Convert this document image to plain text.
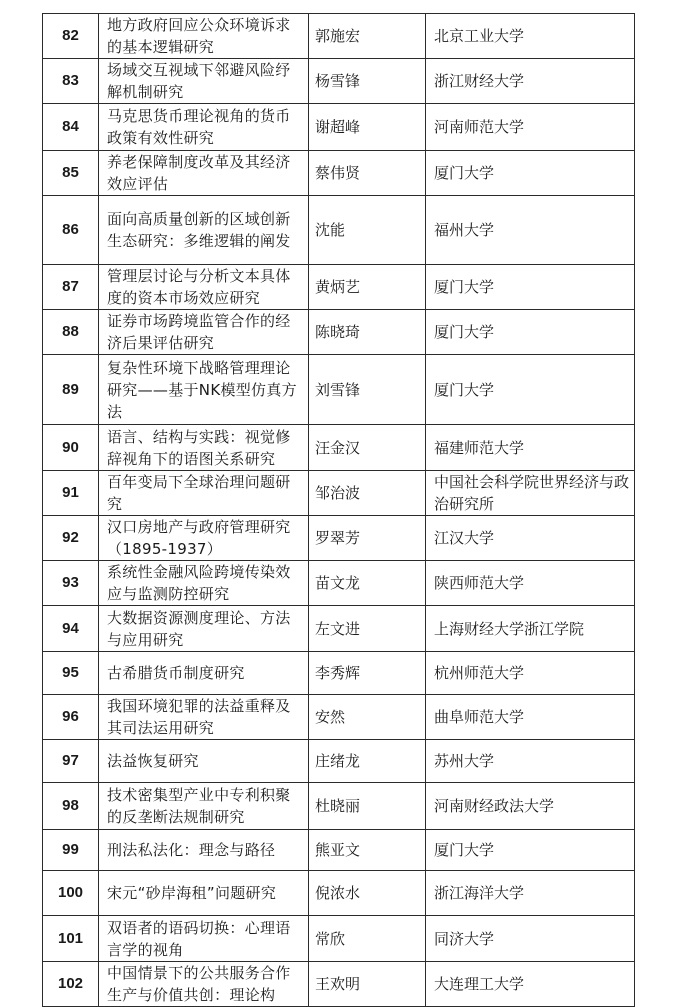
82	地方政府回应公众环境诉求的基本逻辑研究	郭施宏	北京工业大学
83	场域交互视域下邻避风险纾解机制研究	杨雪锋	浙江财经大学
84	马克思货币理论视角的货币政策有效性研究	谢超峰	河南师范大学
85	养老保障制度改革及其经济效应评估	蔡伟贤	厦门大学
86	面向高质量创新的区域创新生态研究：多维逻辑的阐发	沈能	福州大学
87	管理层讨论与分析文本具体度的资本市场效应研究	黄炳艺	厦门大学
88	证券市场跨境监管合作的经济后果评估研究	陈晓琦	厦门大学
89	复杂性环境下战略管理理论研究——基于NK模型仿真方法	刘雪锋	厦门大学
90	语言、结构与实践：视觉修辞视角下的语图关系研究	汪金汉	福建师范大学
91	百年变局下全球治理问题研究	邹治波	中国社会科学院世界经济与政治研究所
92	汉口房地产与政府管理研究（1895-1937）	罗翠芳	江汉大学
93	系统性金融风险跨境传染效应与监测防控研究	苗文龙	陕西师范大学
94	大数据资源测度理论、方法与应用研究	左文进	上海财经大学浙江学院
95	古希腊货币制度研究	李秀辉	杭州师范大学
96	我国环境犯罪的法益重释及其司法运用研究	安然	曲阜师范大学
97	法益恢复研究	庄绪龙	苏州大学
98	技术密集型产业中专利积聚的反垄断法规制研究	杜晓丽	河南财经政法大学
99	刑法私法化：理念与路径	熊亚文	厦门大学
100	宋元“砂岸海租”问题研究	倪浓水	浙江海洋大学
101	双语者的语码切换：心理语言学的视角	常欣	同济大学
102	中国情景下的公共服务合作生产与价值共创：理论构	王欢明	大连理工大学
